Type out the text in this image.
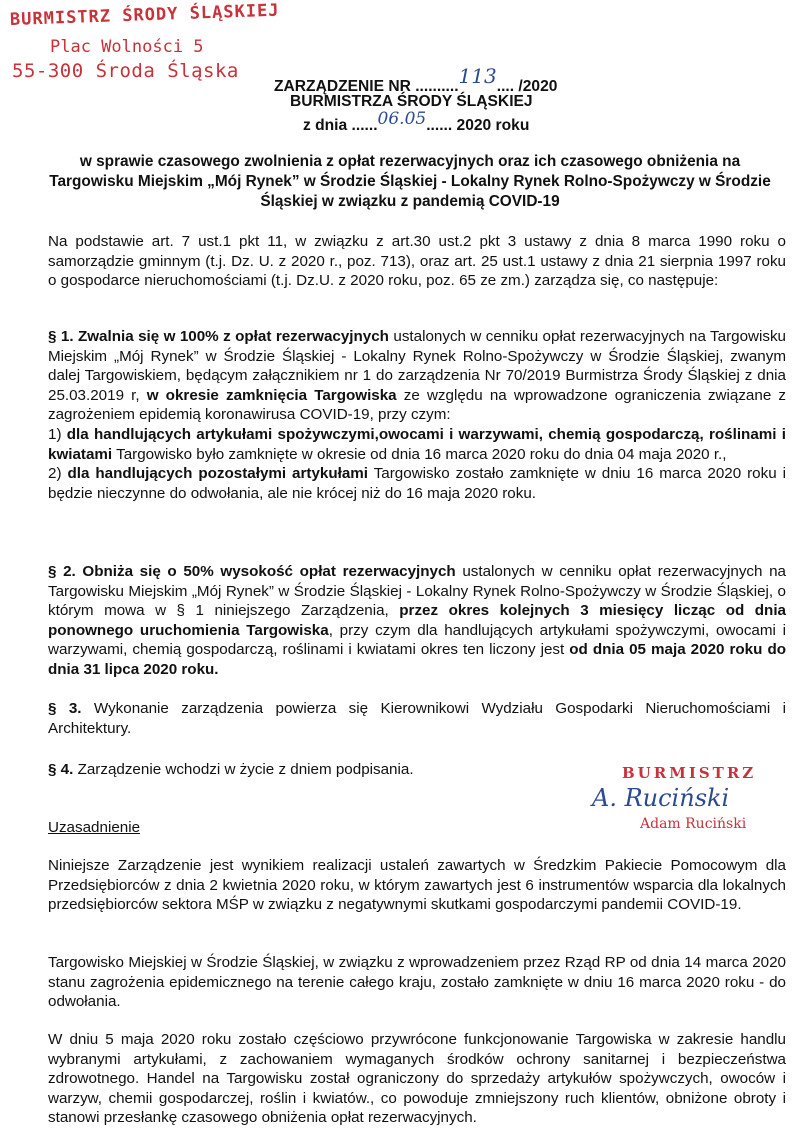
BURMISTRZ ŚRODY ŚLĄSKIEJ
Plac Wolności 5
55-300 Środa Śląska
ZARZĄDZENIE NR ..........113.... /2020
BURMISTRZA ŚRODY ŚLĄSKIEJ
z dnia ......06.05...... 2020 roku
w sprawie czasowego zwolnienia z opłat rezerwacyjnych oraz ich czasowego obniżenia na Targowisku Miejskim „Mój Rynek” w Środzie Śląskiej - Lokalny Rynek Rolno-Spożywczy w Środzie Śląskiej w związku z pandemią COVID-19
Na podstawie art. 7 ust.1 pkt 11, w związku z art.30 ust.2 pkt 3 ustawy z dnia 8 marca 1990 roku o samorządzie gminnym (t.j. Dz. U. z 2020 r., poz. 713), oraz art. 25 ust.1 ustawy z dnia 21 sierpnia 1997 roku o gospodarce nieruchomościami (t.j. Dz.U. z 2020 roku, poz. 65 ze zm.) zarządza się, co następuje:

§ 1. Zwalnia się w 100% z opłat rezerwacyjnych ustalonych w cenniku opłat rezerwacyjnych na Targowisku Miejskim „Mój Rynek” w Środzie Śląskiej - Lokalny Rynek Rolno-Spożywczy w Środzie Śląskiej, zwanym dalej Targowiskiem, będącym załącznikiem nr 1 do zarządzenia Nr 70/2019 Burmistrza Środy Śląskiej z dnia 25.03.2019 r, w okresie zamknięcia Targowiska ze względu na wprowadzone ograniczenia związane z zagrożeniem epidemią koronawirusa COVID-19, przy czym:

1) dla handlujących artykułami spożywczymi,owocami i warzywami, chemią gospodarczą, roślinami i kwiatami Targowisko było zamknięte w okresie od dnia 16 marca 2020 roku do dnia 04 maja 2020 r.,

2) dla handlujących pozostałymi artykułami Targowisko zostało zamknięte w dniu 16 marca 2020 roku i będzie nieczynne do odwołania, ale nie krócej niż do 16 maja 2020 roku.

§ 2. Obniża się o 50% wysokość opłat rezerwacyjnych ustalonych w cenniku opłat rezerwacyjnych na Targowisku Miejskim „Mój Rynek” w Środzie Śląskiej - Lokalny Rynek Rolno-Spożywczy w Środzie Śląskiej, o którym mowa w § 1 niniejszego Zarządzenia, przez okres kolejnych 3 miesięcy licząc od dnia ponownego uruchomienia Targowiska, przy czym dla handlujących artykułami spożywczymi, owocami i warzywami, chemią gospodarczą, roślinami i kwiatami okres ten liczony jest od dnia 05 maja 2020 roku do dnia 31 lipca 2020 roku.

§ 3. Wykonanie zarządzenia powierza się Kierownikowi Wydziału Gospodarki Nieruchomościami i Architektury.

§ 4. Zarządzenie wchodzi w życie z dniem podpisania.	BURMISTRZ
A. Ruciński
Adam Ruciński
Uzasadnienie
Niniejsze Zarządzenie jest wynikiem realizacji ustaleń zawartych w Średzkim Pakiecie Pomocowym dla Przedsiębiorców z dnia 2 kwietnia 2020 roku, w którym zawartych jest 6 instrumentów wsparcia dla lokalnych przedsiębiorców sektora MŚP w związku z negatywnymi skutkami gospodarczymi pandemii COVID-19.
Targowisko Miejskiej w Środzie Śląskiej, w związku z wprowadzeniem przez Rząd RP od dnia 14 marca 2020 stanu zagrożenia epidemicznego na terenie całego kraju, zostało zamknięte w dniu 16 marca 2020 roku - do odwołania.
W dniu 5 maja 2020 roku zostało częściowo przywrócone funkcjonowanie Targowiska w zakresie handlu wybranymi artykułami, z zachowaniem wymaganych środków ochrony sanitarnej i bezpieczeństwa zdrowotnego. Handel na Targowisku został ograniczony do sprzedaży artykułów spożywczych, owoców i warzyw, chemii gospodarczej, roślin i kwiatów., co powoduje zmniejszony ruch klientów, obniżone obroty i stanowi przesłankę czasowego obniżenia opłat rezerwacyjnych.
